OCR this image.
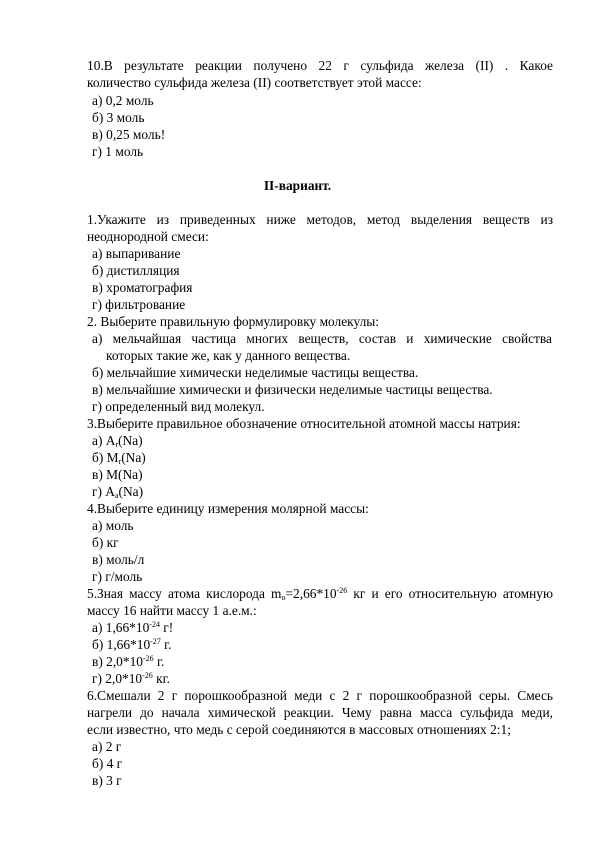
10.В результате реакции получено 22 г сульфида железа (II) . Какое
количество сульфида железа (II) соответствует этой массе:
а) 0,2 моль
б) 3 моль
в) 0,25 моль!
г) 1 моль
II-вариант.
1.Укажите из приведенных ниже методов, метод выделения веществ из
неоднородной смеси:
а) выпаривание
б) дистилляция
в) хроматография
г) фильтрование
2. Выберите правильную формулировку молекулы:
а) мельчайшая частица многих веществ, состав и химические свойства
которых такие же, как у данного вещества.
б) мельчайшие химически неделимые частицы вещества.
в) мельчайшие химически и физически неделимые частицы вещества.
г) определенный вид молекул.
3.Выберите правильное обозначение относительной атомной массы натрия:
а) $A_r(Na)$
б) $M_r(Na)$
в) M(Na)
г) $A_a(Na)$
4.Выберите единицу измерения молярной массы:
а) моль
б) кг
в) моль/л
г) г/моль
5.Зная массу атома кислорода $m_o=2,66*10^{-26}$ кг и его относительную атомную
массу 16 найти массу 1 а.е.м.:
а) $1,66*10^{-24}$ г!
б) $1,66*10^{-27}$ г.
в) $2,0*10^{-26}$ г.
г) $2,0*10^{-26}$ кг.
6.Смешали 2 г порошкообразной меди с 2 г порошкообразной серы. Смесь
нагрели до начала химической реакции. Чему равна масса сульфида меди,
если известно, что медь с серой соединяются в массовых отношениях 2:1;
а) 2 г
б) 4 г
в) 3 г
